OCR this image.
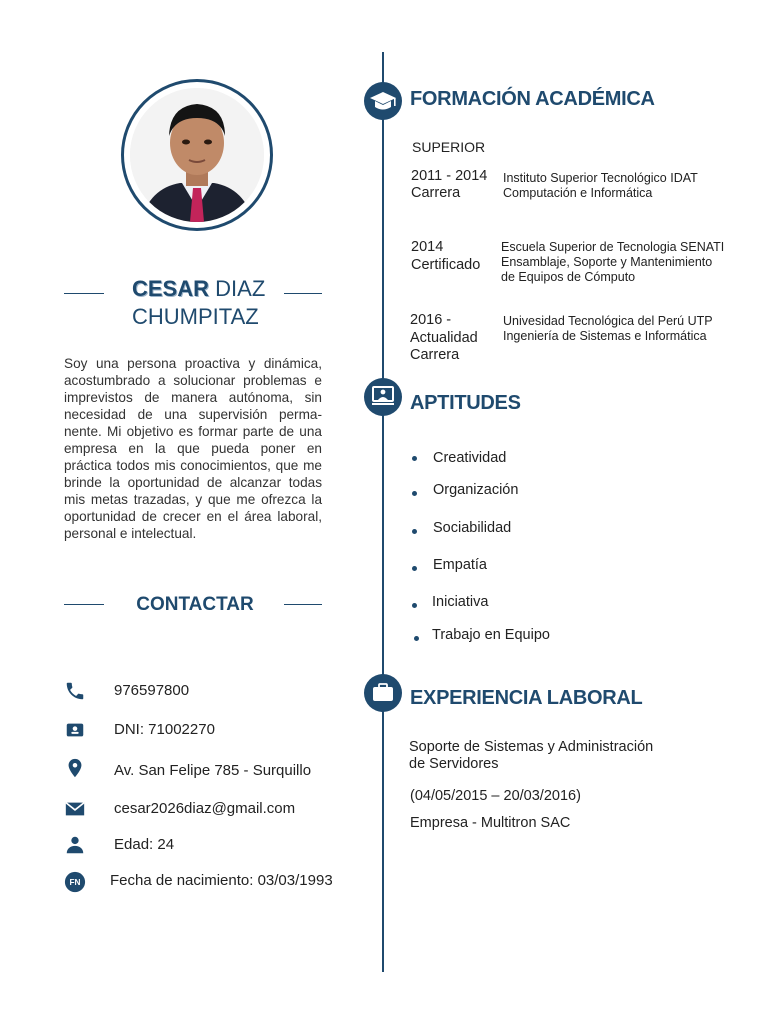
CESAR DIAZ
CHUMPITAZ
Soy una persona proactiva y dinámica, acostumbrado a solucionar problemas e imprevistos de manera autónoma, sin necesidad de una supervisión perma-nente. Mi objetivo es formar parte de una empresa en la que pueda poner en práctica todos mis conocimientos, que me brinde la oportunidad de alcanzar todas mis metas trazadas, y que me ofrezca la oportunidad de crecer en el área laboral, personal e intelectual.
CONTACTAR
976597800
DNI: 71002270
Av. San Felipe 785 - Surquillo
cesar2026diaz@gmail.com
Edad: 24
FN Fecha de nacimiento: 03/03/1993
FORMACIÓN ACADÉMICA
SUPERIOR
2011 - 2014
Carrera
Instituto Superior Tecnológico IDAT
Computación e Informática
2014
Certificado
Escuela Superior de Tecnologia SENATI
Ensamblaje, Soporte y Mantenimiento
de Equipos de Cómputo
2016 -
Actualidad
Carrera
Univesidad Tecnológica del Perú UTP
Ingeniería de Sistemas e Informática
APTITUDES
Creatividad
Organización
Sociabilidad
Empatía
Iniciativa
Trabajo en Equipo
EXPERIENCIA LABORAL
Soporte de Sistemas y Administración
de Servidores
(04/05/2015 – 20/03/2016)
Empresa - Multitron SAC
